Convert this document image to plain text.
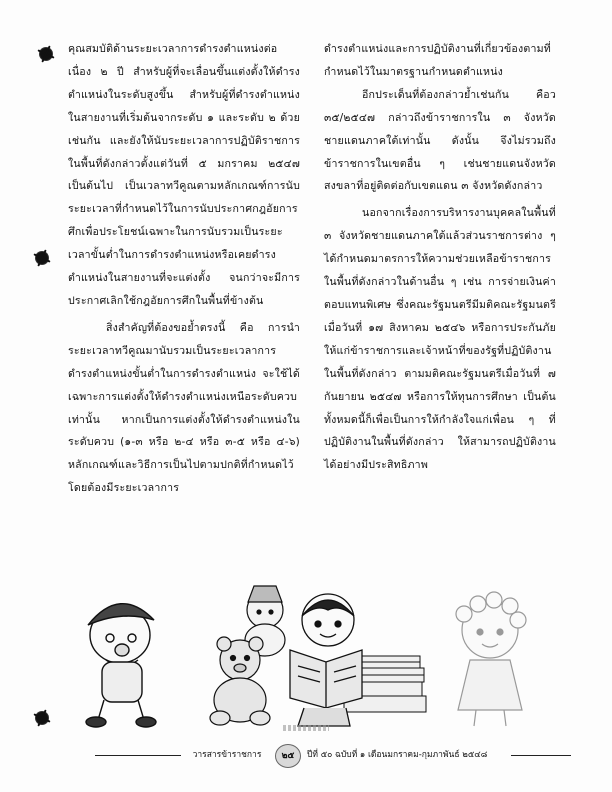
คุณสมบัติด้านระยะเวลาการดำรงตำแหน่งต่อเนื่อง ๒ ปี สำหรับผู้ที่จะเลื่อนขึ้นแต่งตั้งให้ดำรงตำแหน่งในระดับสูงขึ้น สำหรับผู้ที่ดำรงตำแหน่งในสายงานที่เริ่มต้นจากระดับ ๑ และระดับ ๒ ด้วยเช่นกัน และยังให้นับระยะเวลาการปฏิบัติราชการในพื้นที่ดังกล่าวตั้งแต่วันที่ ๕ มกราคม ๒๕๔๗ เป็นต้นไป เป็นเวลาทวีคูณตามหลักเกณฑ์การนับระยะเวลาที่กำหนดไว้ในการนับประกาศกฎอัยการศึกเพื่อประโยชน์เฉพาะในการนับรวมเป็นระยะเวลาขั้นต่ำในการดำรงตำแหน่งหรือเคยดำรงตำแหน่งในสายงานที่จะแต่งตั้ง จนกว่าจะมีการประกาศเลิกใช้กฎอัยการศึกในพื้นที่ข้างต้น

สิ่งสำคัญที่ต้องขอย้ำตรงนี้ คือ การนำระยะเวลาทวีคูณมานับรวมเป็นระยะเวลาการดำรงตำแหน่งขั้นต่ำในการดำรงตำแหน่ง จะใช้ได้เฉพาะการแต่งตั้งให้ดำรงตำแหน่งเหนือระดับควบเท่านั้น หากเป็นการแต่งตั้งให้ดำรงตำแหน่งในระดับควบ (๑-๓ หรือ ๒-๔ หรือ ๓-๕ หรือ ๔-๖) หลักเกณฑ์และวิธีการเป็นไปตามปกติที่กำหนดไว้ โดยต้องมีระยะเวลาการ

ดำรงตำแหน่งและการปฏิบัติงานที่เกี่ยวข้องตามที่กำหนดไว้ในมาตรฐานกำหนดตำแหน่ง

อีกประเด็นที่ต้องกล่าวย้ำเช่นกัน คือว ๓๕/๒๕๔๗ กล่าวถึงข้าราชการใน ๓ จังหวัดชายแดนภาคใต้เท่านั้น ดังนั้น จึงไม่รวมถึงข้าราชการในเขตอื่น ๆ เช่นชายแดนจังหวัดสงขลาที่อยู่ติดต่อกับเขตแดน ๓ จังหวัดดังกล่าว

นอกจากเรื่องการบริหารงานบุคคลในพื้นที่ ๓ จังหวัดชายแดนภาคใต้แล้วส่วนราชการต่าง ๆ ได้กำหนดมาตรการให้ความช่วยเหลือข้าราชการในพื้นที่ดังกล่าวในด้านอื่น ๆ เช่น การจ่ายเงินค่าตอบแทนพิเศษ ซึ่งคณะรัฐมนตรีมีมติคณะรัฐมนตรี เมื่อวันที่ ๑๗ สิงหาคม ๒๕๔๖ หรือการประกันภัยให้แก่ข้าราชการและเจ้าหน้าที่ของรัฐที่ปฏิบัติงานในพื้นที่ดังกล่าว ตามมติคณะรัฐมนตรีเมื่อวันที่ ๗ กันยายน ๒๕๔๗ หรือการให้ทุนการศึกษา เป็นต้น ทั้งหมดนี้ก็เพื่อเป็นการให้กำลังใจแก่เพื่อน ๆ ที่ปฏิบัติงานในพื้นที่ดังกล่าว ให้สามารถปฏิบัติงานได้อย่างมีประสิทธิภาพ

วารสารข้าราชการ	๒๕	ปีที่ ๕๐ ฉบับที่ ๑ เดือนมกราคม-กุมภาพันธ์ ๒๕๔๘
